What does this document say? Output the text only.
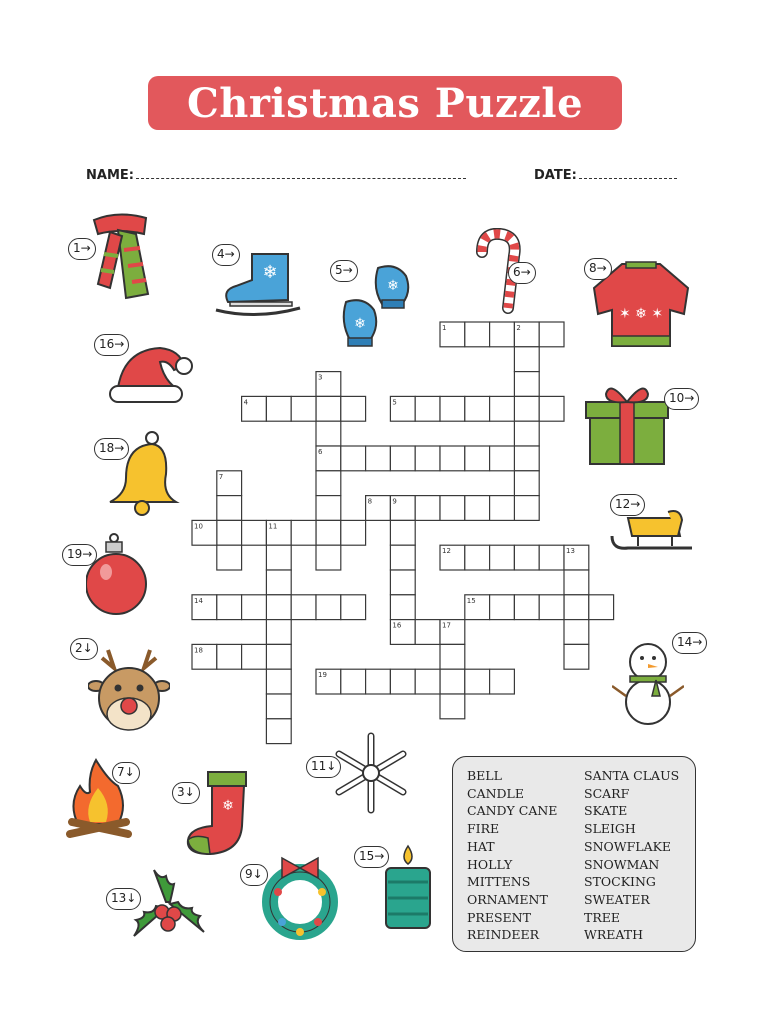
Christmas Puzzle
NAME:	DATE:
1	2
3
4	5
6
7
8	9
10	11
12	13
14	15
16	17
18
19
1→
❄
4→
❄
❄
5→	6→
✶ ❄ ✶
8→
16→
10→
18→
12→
19→
2↓	14→
7↓
❄
3↓
11↓
15→
9↓
13↓
BELL
CANDLE
CANDY CANE
FIRE
HAT
HOLLY
MITTENS
ORNAMENT
PRESENT
REINDEER
SANTA CLAUS
SCARF
SKATE
SLEIGH
SNOWFLAKE
SNOWMAN
STOCKING
SWEATER
TREE
WREATH
